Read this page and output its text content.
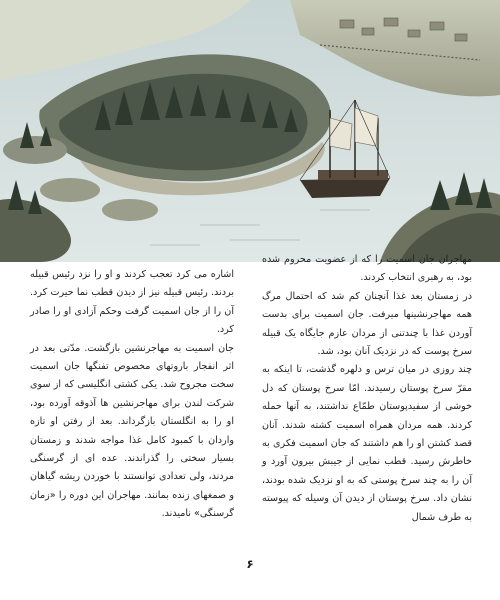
مهاجران جان اسمیت را که از عضویت محروم شده بود، به رهبری انتخاب کردند.

در زمستان بعد غذا آنچنان کم شد که احتمال مرگ همه مهاجرنشینها میرفت. جان اسمیت برای بدست آوردن غذا با چندتنی از مردان عازم جایگاه یک قبیله سرخ پوست که در نزدیک آنان بود، شد.

چند روزی در میان ترس و دلهره گذشت، تا اینکه به مقرّ سرخ پوستان رسیدند. امّا سرخ پوستان که دل خوشی از سفیدپوستان طمّاع نداشتند، به آنها حمله کردند. همه مردان همراه اسمیت کشته شدند. آنان قصد کشتن او را هم داشتند که جان اسمیت فکری به خاطرش رسید. قطب نمایی از جیبش بیرون آورد و آن را به چند سرخ پوستی که به او نزدیک شده بودند، نشان داد. سرخ پوستان از دیدن آن وسیله که پیوسته به طرف شمال

اشاره می کرد تعجب کردند و او را نزد رئیس قبیله بردند. رئیس قبیله نیز از دیدن قطب نما حیرت کرد. آن را از جان اسمیت گرفت وحکم آزادی او را صادر کرد.

جان اسمیت به مهاجرنشین بازگشت. مدّتی بعد در اثر انفجار باروتهای مخصوص تفنگها جان اسمیت سخت مجروح شد. یکی کشتی انگلیسی که از سوی شرکت لندن برای مهاجرنشین ها آذوقه آورده بود، او را به انگلستان بازگرداند. بعد از رفتن او تازه واردان با کمبود کامل غذا مواجه شدند و زمستان بسیار سختی را گذراندند. عده ای از گرسنگی مردند، ولی تعدادی توانستند با خوردن ریشه گیاهان و صمغهای زنده بمانند. مهاجران این دوره را «زمان گرسنگی» نامیدند.

۶
